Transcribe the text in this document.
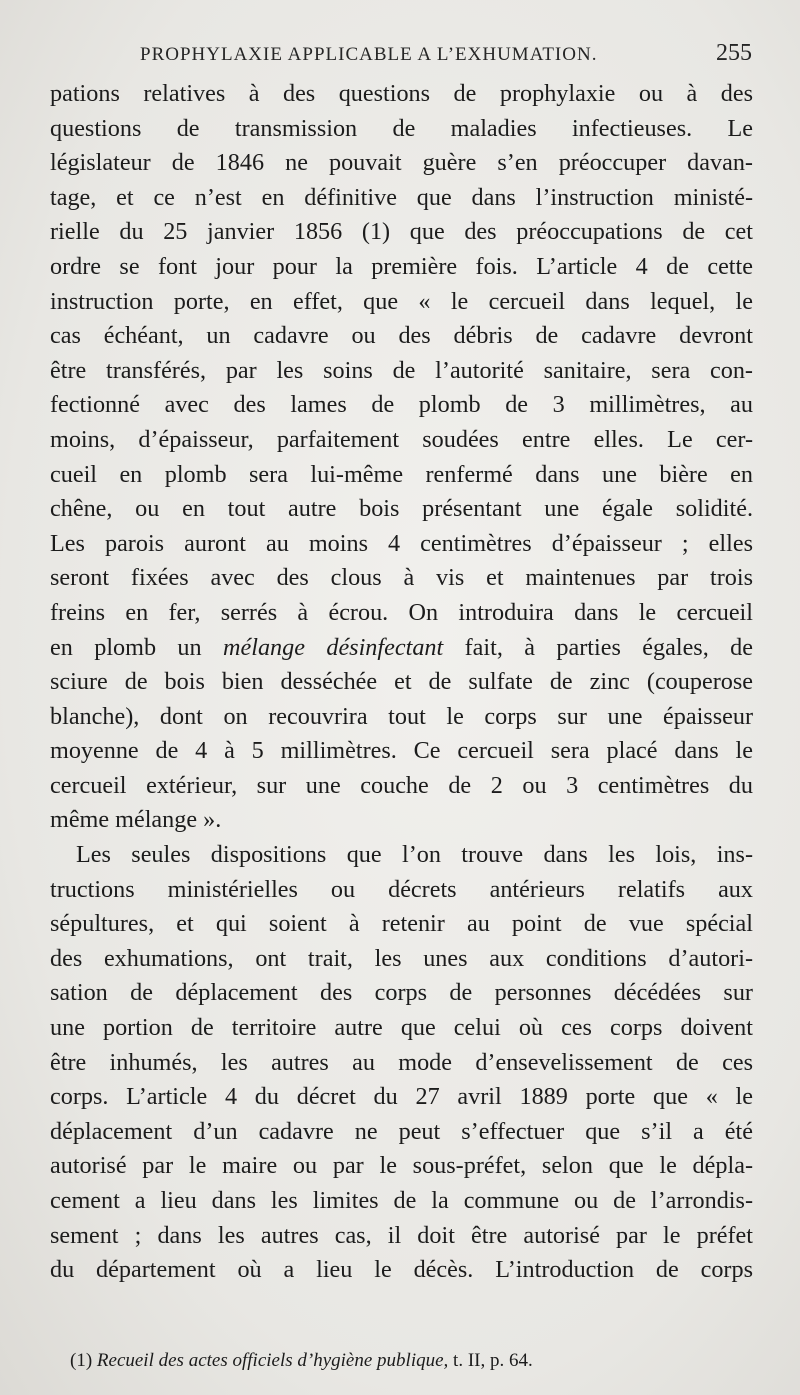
PROPHYLAXIE APPLICABLE A L’EXHUMATION.	255
pations relatives à des questions de prophylaxie ou à des
questions de transmission de maladies infectieuses. Le
législateur de 1846 ne pouvait guère s’en préoccuper davan-
tage, et ce n’est en définitive que dans l’instruction ministé-
rielle du 25 janvier 1856 (1) que des préoccupations de cet
ordre se font jour pour la première fois. L’article 4 de cette
instruction porte, en effet, que « le cercueil dans lequel, le
cas échéant, un cadavre ou des débris de cadavre devront
être transférés, par les soins de l’autorité sanitaire, sera con-
fectionné avec des lames de plomb de 3 millimètres, au
moins, d’épaisseur, parfaitement soudées entre elles. Le cer-
cueil en plomb sera lui-même renfermé dans une bière en
chêne, ou en tout autre bois présentant une égale solidité.
Les parois auront au moins 4 centimètres d’épaisseur ; elles
seront fixées avec des clous à vis et maintenues par trois
freins en fer, serrés à écrou. On introduira dans le cercueil
en plomb un mélange désinfectant fait, à parties égales, de
sciure de bois bien desséchée et de sulfate de zinc (couperose
blanche), dont on recouvrira tout le corps sur une épaisseur
moyenne de 4 à 5 millimètres. Ce cercueil sera placé dans le
cercueil extérieur, sur une couche de 2 ou 3 centimètres du
même mélange ».
Les seules dispositions que l’on trouve dans les lois, ins-
tructions ministérielles ou décrets antérieurs relatifs aux
sépultures, et qui soient à retenir au point de vue spécial
des exhumations, ont trait, les unes aux conditions d’autori-
sation de déplacement des corps de personnes décédées sur
une portion de territoire autre que celui où ces corps doivent
être inhumés, les autres au mode d’ensevelissement de ces
corps. L’article 4 du décret du 27 avril 1889 porte que « le
déplacement d’un cadavre ne peut s’effectuer que s’il a été
autorisé par le maire ou par le sous-préfet, selon que le dépla-
cement a lieu dans les limites de la commune ou de l’arrondis-
sement ; dans les autres cas, il doit être autorisé par le préfet
du département où a lieu le décès. L’introduction de corps
(1) Recueil des actes officiels d’hygiène publique, t. II, p. 64.
